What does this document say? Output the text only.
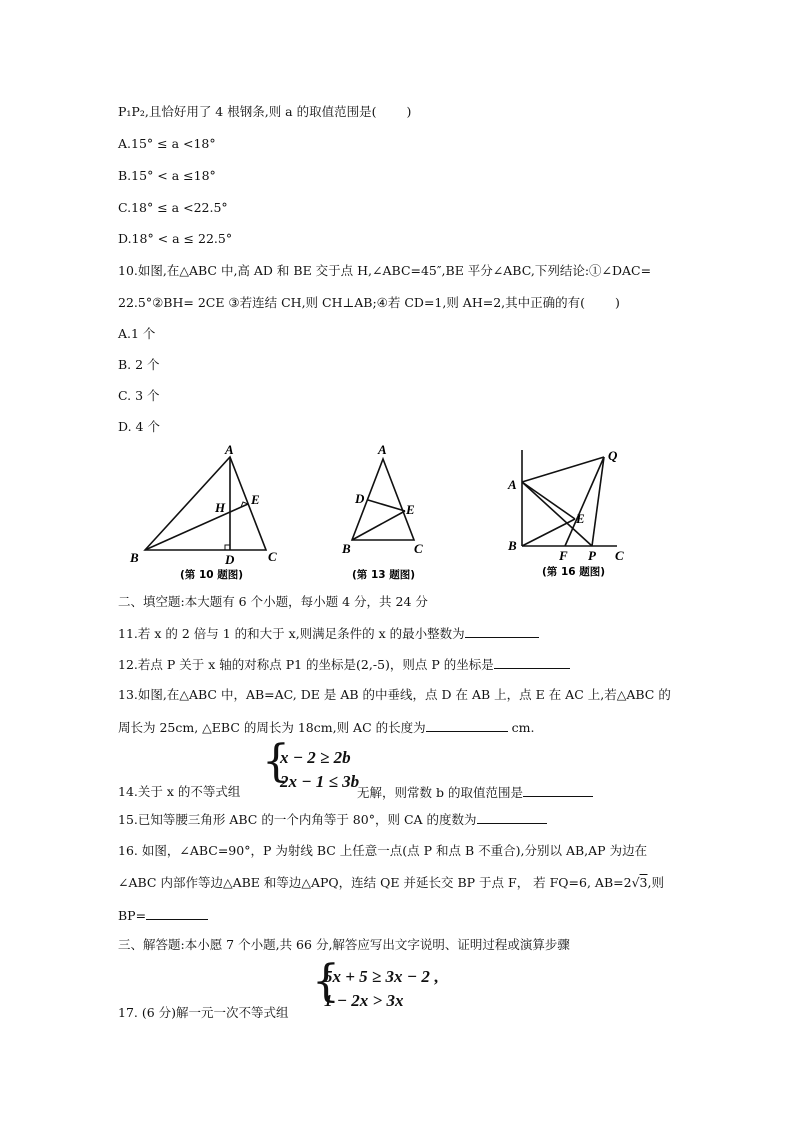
P₁P₂,且恰好用了 4 根钢条,则 a 的取值范围是( )
A.15° ≤ a <18°
B.15° < a ≤18°
C.18° ≤ a <22.5°
D.18° < a ≤ 22.5°
10.如图,在△ABC 中,高 AD 和 BE 交于点 H,∠ABC=45″,BE 平分∠ABC,下列结论:①∠DAC=
22.5°②BH= 2CE ③若连结 CH,则 CH⊥AB;④若 CD=1,则 AH=2,其中正确的有( )
A.1 个
B. 2 个
C. 3 个
D. 4 个
A
H
E
B	D	C
(第 10 题图)
A
D
E
B	C
(第 13 题图)
Q
A
E
B
F P C
(第 16 题图)
二、填空题:本大题有 6 个小题，每小题 4 分，共 24 分
11.若 x 的 2 倍与 1 的和大于 x,则满足条件的 x 的最小整数为
12.若点 P 关于 x 轴的对称点 P1 的坐标是(2,-5)，则点 P 的坐标是
13.如图,在△ABC 中，AB=AC, DE 是 AB 的中垂线，点 D 在 AB 上，点 E 在 AC 上,若△ABC 的
周长为 25cm, △EBC 的周长为 18cm,则 AC 的长度为	cm.
{
x − 2 ≥ 2b
2x − 1 ≤ 3b
14.关于 x 的不等式组	无解，则常数 b 的取值范围是
15.已知等腰三角形 ABC 的一个内角等于 80°，则 CA 的度数为
16. 如图，∠ABC=90°，P 为射线 BC 上任意一点(点 P 和点 B 不重合),分别以 AB,AP 为边在
∠ABC 内部作等边△ABE 和等边△APQ，连结 QE 并延长交 BP 于点 F， 若 FQ=6, AB=2√3,则
BP=
三、解答题:本小愿 7 个小题,共 66 分,解答应写出文字说明、证明过程或演算步骤
{
5x + 5 ≥ 3x − 2 ,
1 − 2x > 3x
17. (6 分)解一元一次不等式组
